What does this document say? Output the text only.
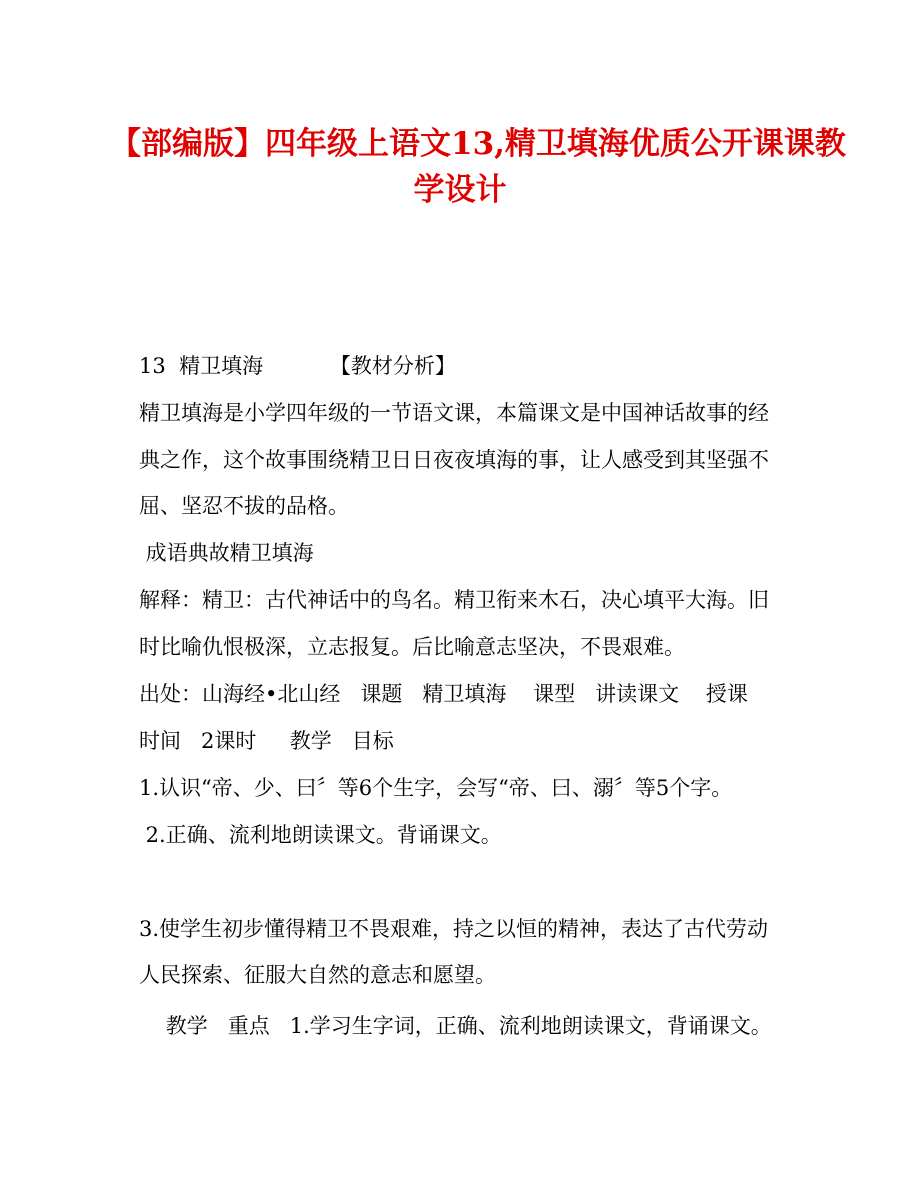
【部编版】四年级上语文13,精卫填海优质公开课课教
学设计
13  精卫填海          【教材分析】
精卫填海是小学四年级的一节语文课，本篇课文是中国神话故事的经
典之作，这个故事围绕精卫日日夜夜填海的事，让人感受到其坚强不
屈、坚忍不拔的品格。
成语典故精卫填海
解释：精卫：古代神话中的鸟名。精卫衔来木石，决心填平大海。旧
时比喻仇恨极深，立志报复。后比喻意志坚决，不畏艰难。
出处：山海经•北山经   课题   精卫填海    课型   讲读课文    授课
时间   2课时     教学   目标
1.认识“帝、少、曰〞等6个生字，会写“帝、曰、溺〞等5个字。
2.正确、流利地朗读课文。背诵课文。
3.使学生初步懂得精卫不畏艰难，持之以恒的精神，表达了古代劳动
人民探索、征服大自然的意志和愿望。
教学   重点   1.学习生字词，正确、流利地朗读课文，背诵课文。
